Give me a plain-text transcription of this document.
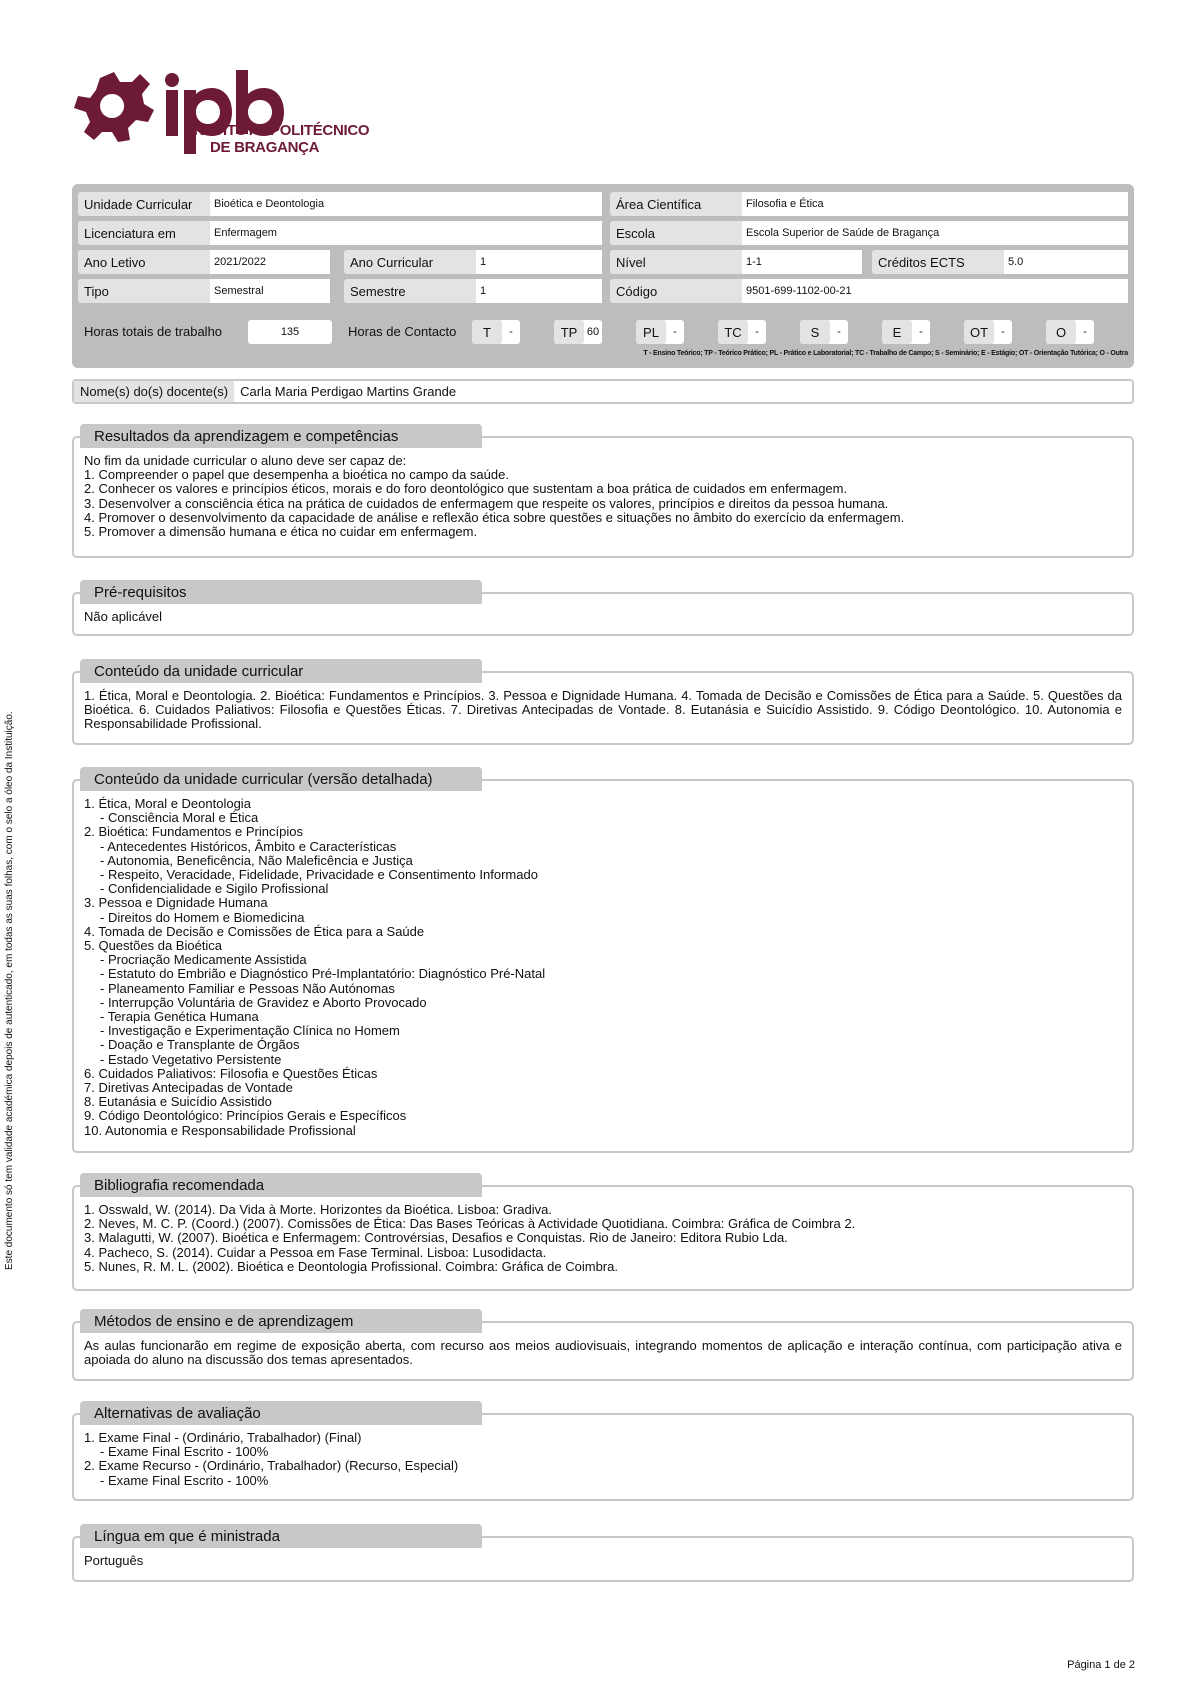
INSTITUTO POLITÉCNICO
DE BRAGANÇA
Unidade Curricular	Bioética e Deontologia	Área Científica	Filosofia e Ética
Licenciatura em	Enfermagem	Escola	Escola Superior de Saúde de Bragança
Ano Letivo	2021/2022	Ano Curricular	1	Nível	1-1	Créditos ECTS	5.0
Tipo	Semestral	Semestre	1	Código	9501-699-1102-00-21
Horas totais de trabalho	135	Horas de Contacto	T	-	TP 60	PL	-	TC	-	S	-	E	-	OT	-	O	-
T - Ensino Teórico; TP - Teórico Prático; PL - Prático e Laboratorial; TC - Trabalho de Campo; S - Seminário; E - Estágio; OT - Orientação Tutórica; O - Outra
Nome(s) do(s) docente(s) Carla Maria Perdigao Martins Grande
Resultados da aprendizagem e competências
No fim da unidade curricular o aluno deve ser capaz de:
1. Compreender o papel que desempenha a bioética no campo da saúde.
2. Conhecer os valores e princípios éticos, morais e do foro deontológico que sustentam a boa prática de cuidados em enfermagem.
3. Desenvolver a consciência ética na prática de cuidados de enfermagem que respeite os valores, princípios e direitos da pessoa humana.
4. Promover o desenvolvimento da capacidade de análise e reflexão ética sobre questões e situações no âmbito do exercício da enfermagem.
5. Promover a dimensão humana e ética no cuidar em enfermagem.
Pré-requisitos
Não aplicável
Conteúdo da unidade curricular

1. Ética, Moral e Deontologia. 2. Bioética: Fundamentos e Princípios. 3. Pessoa e Dignidade Humana. 4. Tomada de Decisão e Comissões de Ética para a Saúde. 5. Questões da Bioética. 6. Cuidados Paliativos: Filosofia e Questões Éticas. 7. Diretivas Antecipadas de Vontade. 8. Eutanásia e Suicídio Assistido. 9. Código Deontológico. 10. Autonomia e Responsabilidade Profissional.

Conteúdo da unidade curricular (versão detalhada)
1. Ética, Moral e Deontologia
- Consciência Moral e Ética
2. Bioética: Fundamentos e Princípios
- Antecedentes Históricos, Âmbito e Características
- Autonomia, Beneficência, Não Maleficência e Justiça
- Respeito, Veracidade, Fidelidade, Privacidade e Consentimento Informado
- Confidencialidade e Sigilo Profissional
3. Pessoa e Dignidade Humana
- Direitos do Homem e Biomedicina
4. Tomada de Decisão e Comissões de Ética para a Saúde
5. Questões da Bioética
- Procriação Medicamente Assistida
- Estatuto do Embrião e Diagnóstico Pré-Implantatório: Diagnóstico Pré-Natal
- Planeamento Familiar e Pessoas Não Autónomas
- Interrupção Voluntária de Gravidez e Aborto Provocado
- Terapia Genética Humana
- Investigação e Experimentação Clínica no Homem
- Doação e Transplante de Órgãos
- Estado Vegetativo Persistente
6. Cuidados Paliativos: Filosofia e Questões Éticas
7. Diretivas Antecipadas de Vontade
8. Eutanásia e Suicídio Assistido
9. Código Deontológico: Princípios Gerais e Específicos
10. Autonomia e Responsabilidade Profissional
Bibliografia recomendada
1. Osswald, W. (2014). Da Vida à Morte. Horizontes da Bioética. Lisboa: Gradiva.
2. Neves, M. C. P. (Coord.) (2007). Comissões de Ética: Das Bases Teóricas à Actividade Quotidiana. Coimbra: Gráfica de Coimbra 2.
3. Malagutti, W. (2007). Bioética e Enfermagem: Controvérsias, Desafios e Conquistas. Rio de Janeiro: Editora Rubio Lda.
4. Pacheco, S. (2014). Cuidar a Pessoa em Fase Terminal. Lisboa: Lusodidacta.
5. Nunes, R. M. L. (2002). Bioética e Deontologia Profissional. Coimbra: Gráfica de Coimbra.
Métodos de ensino e de aprendizagem

As aulas funcionarão em regime de exposição aberta, com recurso aos meios audiovisuais, integrando momentos de aplicação e interação contínua, com participação ativa e apoiada do aluno na discussão dos temas apresentados.

Alternativas de avaliação
1. Exame Final - (Ordinário, Trabalhador) (Final)
- Exame Final Escrito - 100%
2. Exame Recurso - (Ordinário, Trabalhador) (Recurso, Especial)
- Exame Final Escrito - 100%
Língua em que é ministrada
Português
Este documento só tem validade académica depois de autenticado, em todas as suas folhas, com o selo a óleo da Instituição.
Página 1 de 2
